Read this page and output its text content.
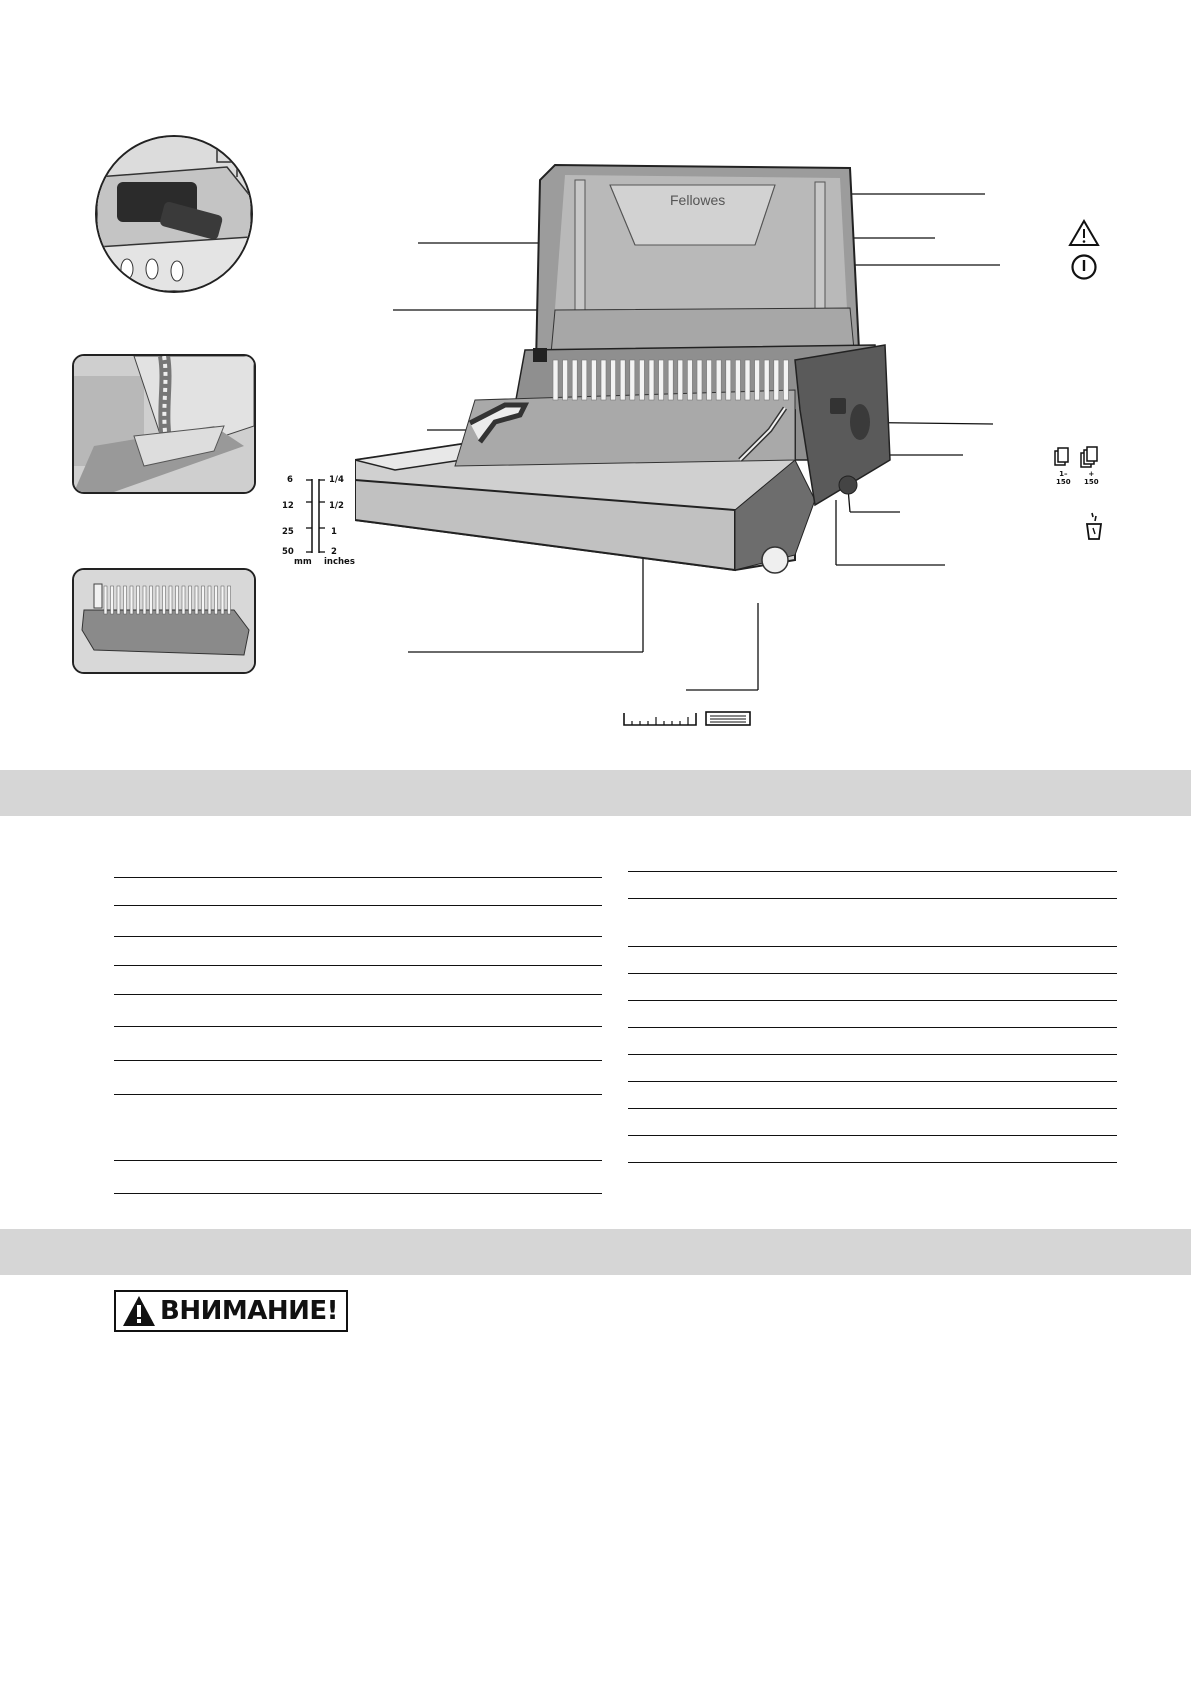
Fellowes
6
12
25
50
1/4
1/2
1
2
mm inches
1–
150
+
150
ВНИМАНИЕ!
